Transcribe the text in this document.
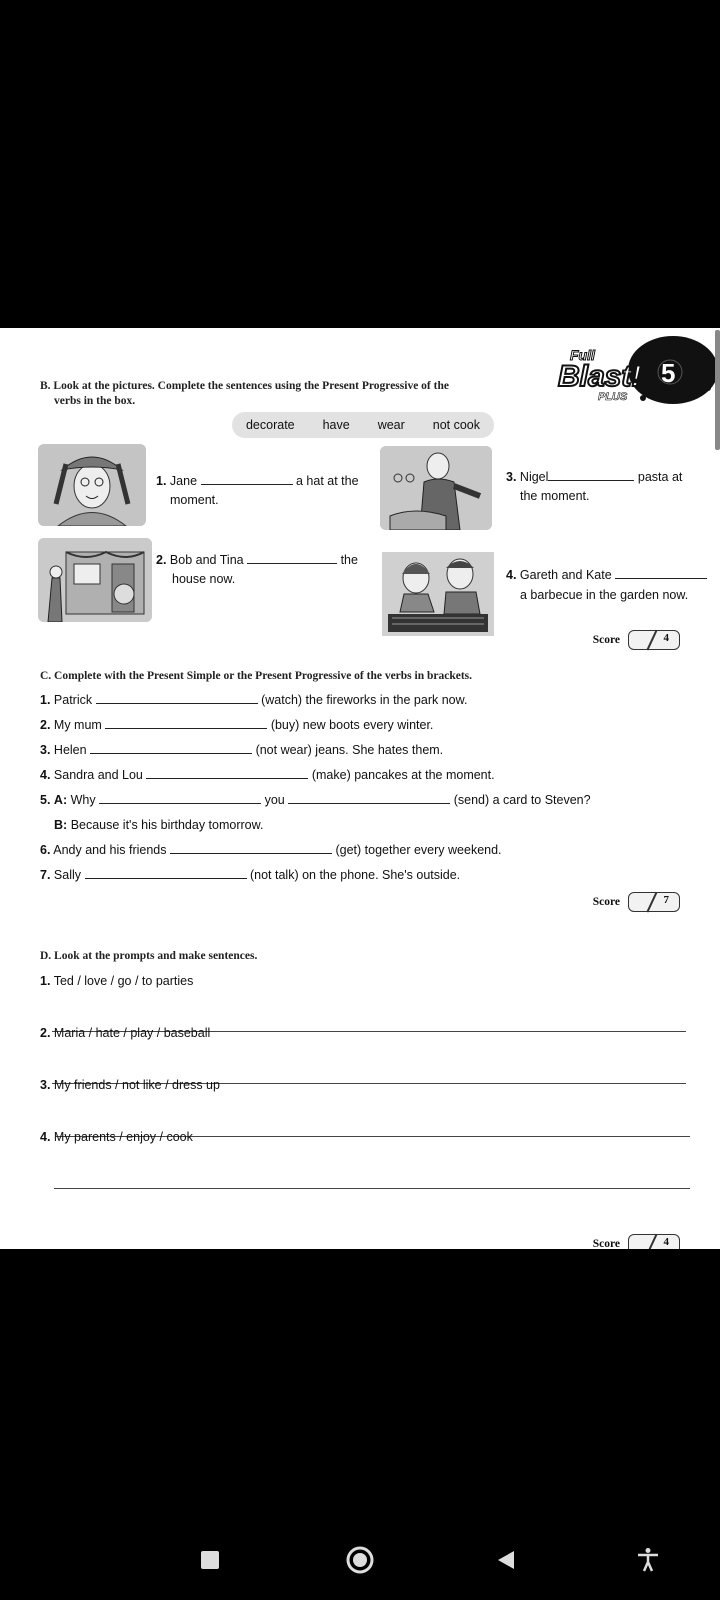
Blast!
Full
PLUS
5
B. Look at the pictures. Complete the sentences using the Present Progressive of the
verbs in the box.
decorate have wear not cook
1. Jane	a hat at the
moment.
3. Nigel	pasta at
the moment.
2. Bob and Tina	the
house now.	4. Gareth and Kate
a barbecue in the garden now.
Score	4
C. Complete with the Present Simple or the Present Progressive of the verbs in brackets.
1. Patrick	(watch) the fireworks in the park now.
2. My mum	(buy) new boots every winter.
3. Helen	(not wear) jeans. She hates them.
4. Sandra and Lou	(make) pancakes at the moment.
5. A: Why	you	(send) a card to Steven?
B: Because it's his birthday tomorrow.
6. Andy and his friends	(get) together every weekend.
7. Sally	(not talk) on the phone. She's outside.
Score	7
D. Look at the prompts and make sentences.
1. Ted / love / go / to parties
2. Maria / hate / play / baseball
3. My friends / not like / dress up
4. My parents / enjoy / cook
Score	4
